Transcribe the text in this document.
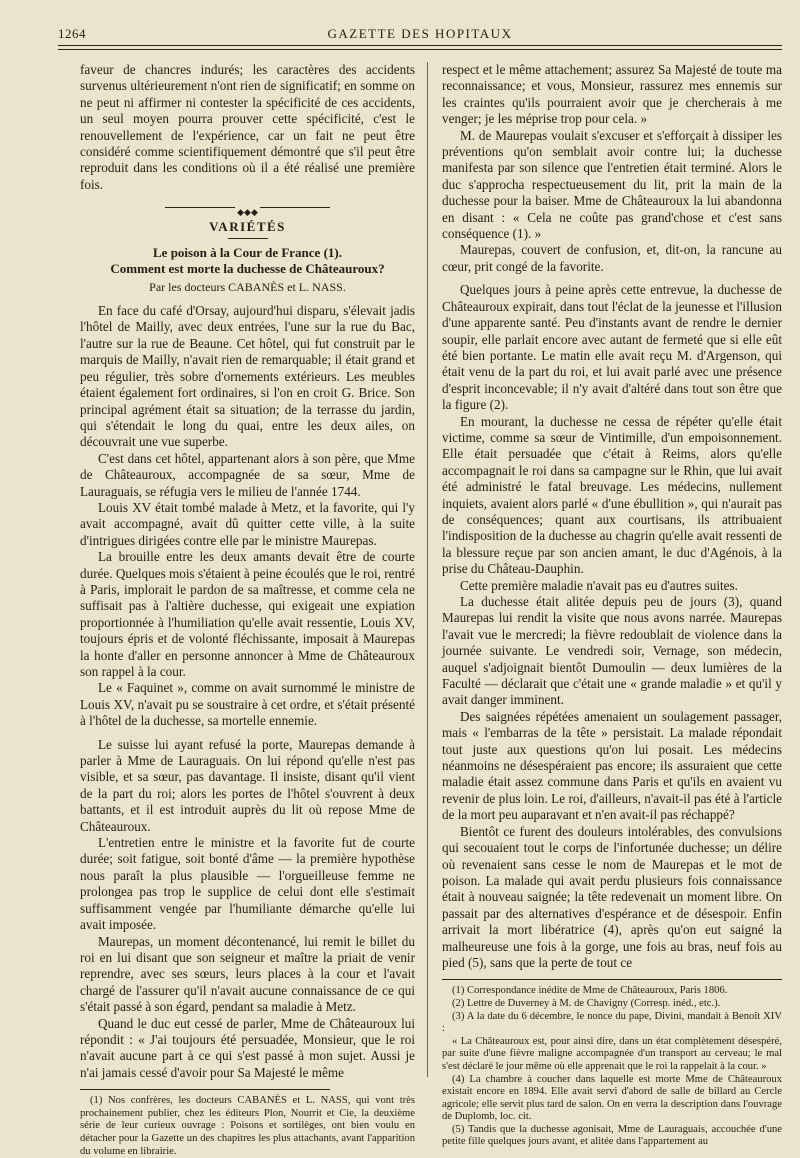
1264	GAZETTE DES HOPITAUX

faveur de chancres indurés; les caractères des accidents survenus ultérieurement n'ont rien de significatif; en somme on ne peut ni affirmer ni contester la spécificité de ces accidents, un seul moyen pourra prouver cette spécificité, c'est le renouvellement de l'expérience, car un fait ne peut être considéré comme scientifiquement démontré que s'il peut être reproduit dans les conditions où il a été réalisé une première fois.

◆◆◆
VARIÉTÉS
Le poison à la Cour de France (1).
Comment est morte la duchesse de Châteauroux?
Par les docteurs CABANÈS et L. NASS.

En face du café d'Orsay, aujourd'hui disparu, s'élevait jadis l'hôtel de Mailly, avec deux entrées, l'une sur la rue du Bac, l'autre sur la rue de Beaune. Cet hôtel, qui fut construit par le marquis de Mailly, n'avait rien de remarquable; il était grand et peu régulier, très sobre d'ornements extérieurs. Les meubles étaient également fort ordinaires, si l'on en croit G. Brice. Son principal agrément était sa situation; de la terrasse du jardin, qui s'étendait le long du quai, entre les deux ailes, on découvrait une vue superbe.

C'est dans cet hôtel, appartenant alors à son père, que Mme de Châteauroux, accompagnée de sa sœur, Mme de Lauraguais, se réfugia vers le milieu de l'année 1744.

Louis XV était tombé malade à Metz, et la favorite, qui l'y avait accompagné, avait dû quitter cette ville, à la suite d'intrigues dirigées contre elle par le ministre Maurepas.

La brouille entre les deux amants devait être de courte durée. Quelques mois s'étaient à peine écoulés que le roi, rentré à Paris, implorait le pardon de sa maîtresse, et comme cela ne suffisait pas à l'altière duchesse, qui exigeait une expiation proportionnée à l'humiliation qu'elle avait ressentie, Louis XV, toujours épris et de volonté fléchissante, imposait à Maurepas la honte d'aller en personne annoncer à Mme de Châteauroux son rappel à la cour.

Le « Faquinet », comme on avait surnommé le ministre de Louis XV, n'avait pu se soustraire à cet ordre, et s'était présenté à l'hôtel de la duchesse, sa mortelle ennemie.

Le suisse lui ayant refusé la porte, Maurepas demande à parler à Mme de Lauraguais. On lui répond qu'elle n'est pas visible, et sa sœur, pas davantage. Il insiste, disant qu'il vient de la part du roi; alors les portes de l'hôtel s'ouvrent à deux battants, et il est introduit auprès du lit où repose Mme de Châteauroux.

L'entretien entre le ministre et la favorite fut de courte durée; soit fatigue, soit bonté d'âme — la première hypothèse nous paraît la plus plausible — l'orgueilleuse femme ne prolongea pas trop le supplice de celui dont elle s'estimait suffisamment vengée par l'humiliante démarche qu'elle lui avait imposée.

Maurepas, un moment décontenancé, lui remit le billet du roi en lui disant que son seigneur et maître la priait de venir reprendre, avec ses sœurs, leurs places à la cour et l'avait chargé de l'assurer qu'il n'avait aucune connaissance de ce qui s'était passé à son égard, pendant sa maladie à Metz.

Quand le duc eut cessé de parler, Mme de Châteauroux lui répondit : « J'ai toujours été persuadée, Monsieur, que le roi n'avait aucune part à ce qui s'est passé à mon sujet. Aussi je n'ai jamais cessé d'avoir pour Sa Majesté le même

(1) Nos confrères, les docteurs CABANÈS et L. NASS, qui vont très prochainement publier, chez les éditeurs Plon, Nourrit et Cie, la deuxième série de leur curieux ouvrage : Poisons et sortilèges, ont bien voulu en détacher pour la Gazette un des chapitres les plus attachants, avant l'apparition du volume en librairie.

respect et le même attachement; assurez Sa Majesté de toute ma reconnaissance; et vous, Monsieur, rassurez mes ennemis sur les craintes qu'ils pourraient avoir que je chercherais à me venger; je les méprise trop pour cela. »

M. de Maurepas voulait s'excuser et s'efforçait à dissiper les préventions qu'on semblait avoir contre lui; la duchesse manifesta par son silence que l'entretien était terminé. Alors le duc s'approcha respectueusement du lit, prit la main de la duchesse pour la baiser. Mme de Châteauroux la lui abandonna en disant : « Cela ne coûte pas grand'chose et c'est sans conséquence (1). »

Maurepas, couvert de confusion, et, dit-on, la rancune au cœur, prit congé de la favorite.

Quelques jours à peine après cette entrevue, la duchesse de Châteauroux expirait, dans tout l'éclat de la jeunesse et l'illusion d'une apparente santé. Peu d'instants avant de rendre le dernier soupir, elle parlait encore avec autant de fermeté que si elle eût été bien portante. Le matin elle avait reçu M. d'Argenson, qui était venu de la part du roi, et lui avait parlé avec une présence d'esprit inconcevable; il n'y avait d'altéré dans tout son être que la figure (2).

En mourant, la duchesse ne cessa de répéter qu'elle était victime, comme sa sœur de Vintimille, d'un empoisonnement. Elle était persuadée que c'était à Reims, alors qu'elle accompagnait le roi dans sa campagne sur le Rhin, que lui avait été administré le fatal breuvage. Les médecins, nullement inquiets, avaient alors parlé « d'une ébullition », qui n'aurait pas de conséquences; quant aux courtisans, ils attribuaient l'indisposition de la duchesse au chagrin qu'elle avait ressenti de la blessure reçue par son ancien amant, le duc d'Agénois, à la prise du Château-Dauphin.

Cette première maladie n'avait pas eu d'autres suites.

La duchesse était alitée depuis peu de jours (3), quand Maurepas lui rendit la visite que nous avons narrée. Maurepas l'avait vue le mercredi; la fièvre redoublait de violence dans la journée suivante. Le vendredi soir, Vernage, son médecin, auquel s'adjoignait bientôt Dumoulin — deux lumières de la Faculté — déclarait que c'était une « grande maladie » et qu'il y avait danger imminent.

Des saignées répétées amenaient un soulagement passager, mais « l'embarras de la tête » persistait. La malade répondait tout juste aux questions qu'on lui posait. Les médecins néanmoins ne désespéraient pas encore; ils assuraient que cette maladie était assez commune dans Paris et qu'ils en avaient vu revenir de plus loin. Le roi, d'ailleurs, n'avait-il pas été à l'article de la mort peu auparavant et n'en avait-il pas réchappé?

Bientôt ce furent des douleurs intolérables, des convulsions qui secouaient tout le corps de l'infortunée duchesse; un délire où revenaient sans cesse le nom de Maurepas et le mot de poison. La malade qui avait perdu plusieurs fois connaissance était à nouveau saignée; la tête redevenait un moment libre. On passait par des alternatives d'espérance et de désespoir. Enfin arrivait la mort libératrice (4), après qu'on eut saigné la malheureuse une fois à la gorge, une fois au bras, neuf fois au pied (5), sans que la perte de tout ce

(1) Correspondance inédite de Mme de Châteauroux, Paris 1806.

(2) Lettre de Duverney à M. de Chavigny (Corresp. inéd., etc.).

(3) A la date du 6 décembre, le nonce du pape, Divini, mandait à Benoît XIV :

« La Châteauroux est, pour ainsi dire, dans un état complètement désespéré, par suite d'une fièvre maligne accompagnée d'un transport au cerveau; le mal s'est déclaré le jour même où elle apprenait que le roi la rappelait à la cour. »

(4) La chambre à coucher dans laquelle est morte Mme de Châteauroux existait encore en 1894. Elle avait servi d'abord de salle de billard au Cercle agricole; elle servit plus tard de salon. On en verra la description dans l'ouvrage de Duplomb, loc. cit.

(5) Tandis que la duchesse agonisait, Mme de Lauraguais, accouchée d'une petite fille quelques jours avant, et alitée dans l'appartement au
